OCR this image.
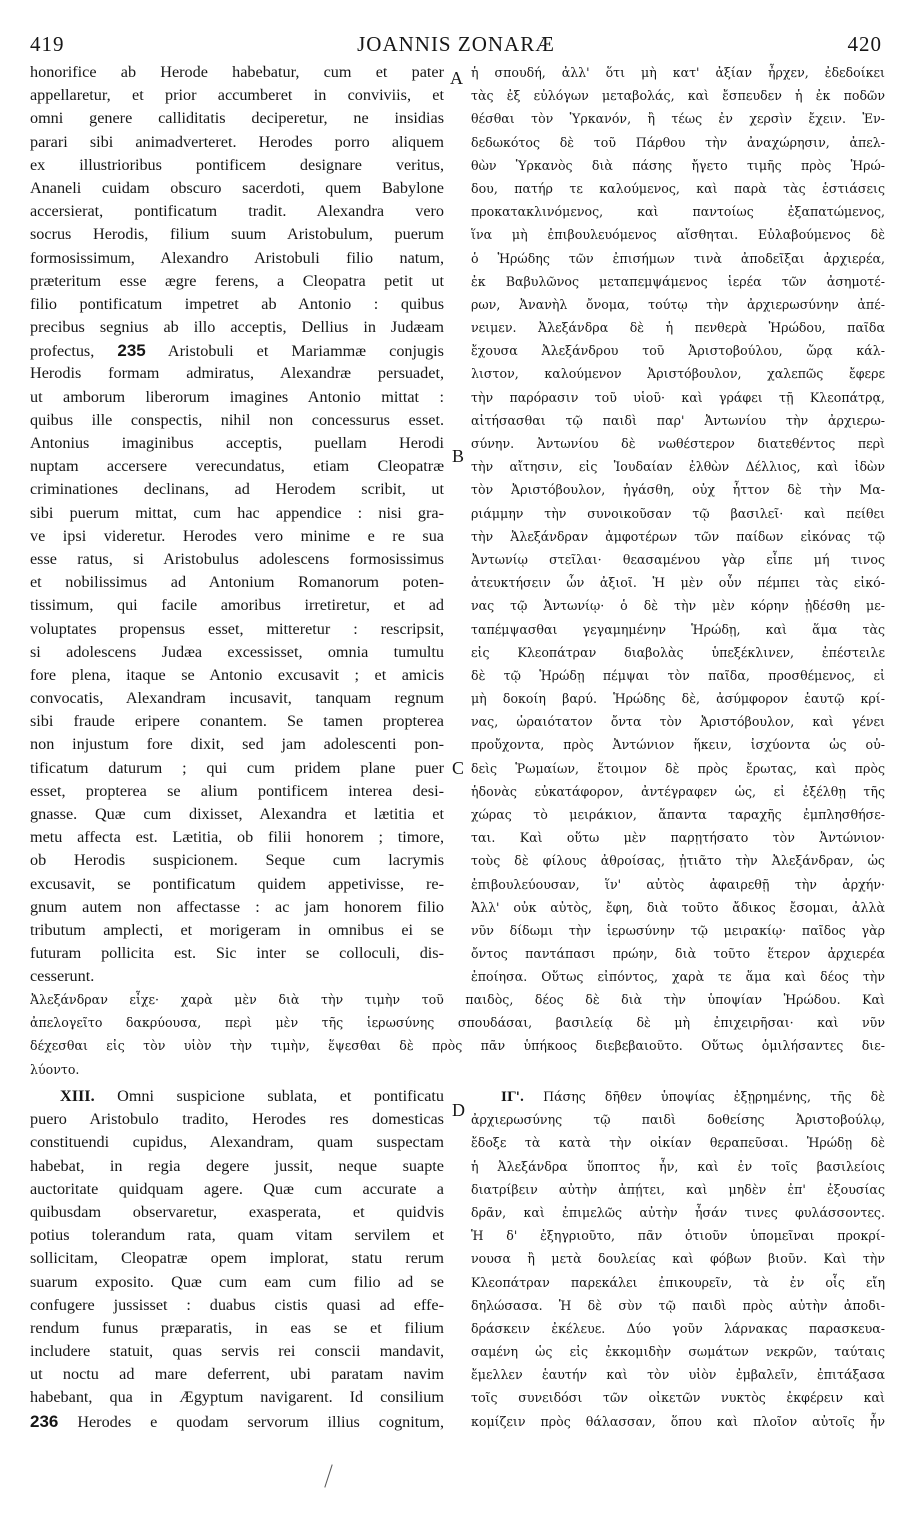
419	JOANNIS ZONARÆ	420
honorifice ab Herode habebatur, cum et pater
appellaretur, et prior accumberet in conviviis, et
omni genere calliditatis deciperetur, ne insidias
parari sibi animadverteret. Herodes porro aliquem
ex illustrioribus pontificem designare veritus,
Ananeli cuidam obscuro sacerdoti, quem Babylone
accersierat, pontificatum tradit. Alexandra vero
socrus Herodis, filium suum Aristobulum, puerum
formosissimum, Alexandro Aristobuli filio natum,
præteritum esse ægre ferens, a Cleopatra petit ut
filio pontificatum impetret ab Antonio : quibus
precibus segnius ab illo acceptis, Dellius in Judæam
profectus, 235 Aristobuli et Mariammæ conjugis
Herodis formam admiratus, Alexandræ persuadet,
ut amborum liberorum imagines Antonio mittat :
quibus ille conspectis, nihil non concessurus esset.
Antonius imaginibus acceptis, puellam Herodi
nuptam accersere verecundatus, etiam Cleopatræ
criminationes declinans, ad Herodem scribit, ut
sibi puerum mittat, cum hac appendice : nisi gra-
ve ipsi videretur. Herodes vero minime e re sua
esse ratus, si Aristobulus adolescens formosissimus
et nobilissimus ad Antonium Romanorum poten-
tissimum, qui facile amoribus irretiretur, et ad
voluptates propensus esset, mitteretur : rescripsit,
si adolescens Judæa excessisset, omnia tumultu
fore plena, itaque se Antonio excusavit ; et amicis
convocatis, Alexandram incusavit, tanquam regnum
sibi fraude eripere conantem. Se tamen propterea
non injustum fore dixit, sed jam adolescenti pon-
tificatum daturum ; qui cum pridem plane puer
esset, propterea se alium pontificem interea desi-
gnasse. Quæ cum dixisset, Alexandra et lætitia et
metu affecta est. Lætitia, ob filii honorem ; timore,
ob Herodis suspicionem. Seque cum lacrymis
excusavit, se pontificatum quidem appetivisse, re-
gnum autem non affectasse : ac jam honorem filio
tributum amplecti, et morigeram in omnibus ei se
futuram pollicita est. Sic inter se colloculi, dis-
cesserunt.
ἡ σπουδή, ἀλλ' ὅτι μὴ κατ' ἀξίαν ἦρχεν, ἐδεδοίκει
τὰς ἐξ εὐλόγων μεταβολάς, καὶ ἔσπευδεν ἡ ἐκ ποδῶν
θέσθαι τὸν Ὑρκανόν, ἢ τέως ἐν χερσὶν ἔχειν. Ἐν-
δεδωκότος δὲ τοῦ Πάρθου τὴν ἀναχώρησιν, ἀπελ-
θὼν Ὑρκανὸς διὰ πάσης ἤγετο τιμῆς πρὸς Ἡρώ-
δου, πατήρ τε καλούμενος, καὶ παρὰ τὰς ἑστιάσεις
προκατακλινόμενος, καὶ παντοίως ἐξαπατώμενος,
ἵνα μὴ ἐπιβουλευόμενος αἴσθηται. Εὐλαβούμενος δὲ
ὁ Ἡρώδης τῶν ἐπισήμων τινὰ ἀποδεῖξαι ἀρχιερέα,
ἐκ Βαβυλῶνος μεταπεμψάμενος ἱερέα τῶν ἀσημοτέ-
ρων, Ἀνανὴλ ὄνομα, τούτῳ τὴν ἀρχιερωσύνην ἀπέ-
νειμεν. Ἀλεξάνδρα δὲ ἡ πενθερὰ Ἡρώδου, παῖδα
ἔχουσα Ἀλεξάνδρου τοῦ Ἀριστοβούλου, ὥρᾳ κάλ-
λιστον, καλούμενον Ἀριστόβουλον, χαλεπῶς ἔφερε
τὴν παρόρασιν τοῦ υἱοῦ· καὶ γράφει τῇ Κλεοπάτρᾳ,
αἰτήσασθαι τῷ παιδὶ παρ' Ἀντωνίου τὴν ἀρχιερω-
σύνην. Ἀντωνίου δὲ νωθέστερον διατεθέντος περὶ
τὴν αἴτησιν, εἰς Ἰουδαίαν ἐλθὼν Δέλλιος, καὶ ἰδὼν
τὸν Ἀριστόβουλον, ἠγάσθη, οὐχ ἧττον δὲ τὴν Μα-
ριάμμην τὴν συνοικοῦσαν τῷ βασιλεῖ· καὶ πείθει
τὴν Ἀλεξάνδραν ἀμφοτέρων τῶν παίδων εἰκόνας τῷ
Ἀντωνίῳ στεῖλαι· θεασαμένου γὰρ εἶπε μή τινος
ἀτευκτήσειν ὧν ἀξιοῖ. Ἡ μὲν οὖν πέμπει τὰς εἰκό-
νας τῷ Ἀντωνίῳ· ὁ δὲ τὴν μὲν κόρην ᾐδέσθη με-
ταπέμψασθαι γεγαμημένην Ἡρώδῃ, καὶ ἅμα τὰς
εἰς Κλεοπάτραν διαβολὰς ὑπεξέκλινεν, ἐπέστειλε
δὲ τῷ Ἡρώδῃ πέμψαι τὸν παῖδα, προσθέμενος, εἰ
μὴ δοκοίη βαρύ. Ἡρώδης δὲ, ἀσύμφορον ἑαυτῷ κρί-
νας, ὡραιότατον ὄντα τὸν Ἀριστόβουλον, καὶ γένει
προὔχοντα, πρὸς Ἀντώνιον ἥκειν, ἰσχύοντα ὡς οὐ-
δεὶς Ῥωμαίων, ἕτοιμον δὲ πρὸς ἔρωτας, καὶ πρὸς
ἡδονὰς εὐκατάφορον, ἀντέγραφεν ὡς, εἰ ἐξέλθῃ τῆς
χώρας τὸ μειράκιον, ἅπαντα ταραχῆς ἐμπλησθήσε-
ται. Καὶ οὕτω μὲν παρῃτήσατο τὸν Ἀντώνιον·
τοὺς δὲ φίλους ἀθροίσας, ᾐτιᾶτο τὴν Ἀλεξάνδραν, ὡς
ἐπιβουλεύουσαν, ἵν' αὐτὸς ἀφαιρεθῇ τὴν ἀρχήν·
Ἀλλ' οὐκ αὐτὸς, ἔφη, διὰ τοῦτο ἄδικος ἔσομαι, ἀλλὰ
νῦν δίδωμι τὴν ἱερωσύνην τῷ μειρακίῳ· παῖδος γὰρ
ὄντος παντάπασι πρώην, διὰ τοῦτο ἕτερον ἀρχιερέα
ἐποίησα. Οὕτως εἰπόντος, χαρὰ τε ἅμα καὶ δέος τὴν
Ἀλεξάνδραν εἶχε· χαρὰ μὲν διὰ τὴν τιμὴν τοῦ παιδὸς, δέος δὲ διὰ τὴν ὑποψίαν Ἡρώδου. Καὶ
ἀπελογεῖτο δακρύουσα, περὶ μὲν τῆς ἱερωσύνης σπουδάσαι, βασιλείᾳ δὲ μὴ ἐπιχειρῆσαι· καὶ νῦν
δέχεσθαι εἰς τὸν υἱὸν τὴν τιμὴν, ἕψεσθαι δὲ πρὸς πᾶν ὑπήκοος διεβεβαιοῦτο. Οὕτως ὁμιλήσαντες διε-
λύοντο.
XIII. Omni suspicione sublata, et pontificatu
puero Aristobulo tradito, Herodes res domesticas
constituendi cupidus, Alexandram, quam suspectam
habebat, in regia degere jussit, neque suapte
auctoritate quidquam agere. Quæ cum accurate a
quibusdam observaretur, exasperata, et quidvis
potius tolerandum rata, quam vitam servilem et
sollicitam, Cleopatræ opem implorat, statu rerum
suarum exposito. Quæ cum eam cum filio ad se
confugere jussisset : duabus cistis quasi ad effe-
rendum funus præparatis, in eas se et filium
includere statuit, quas servis rei conscii mandavit,
ut noctu ad mare deferrent, ubi paratam navim
habebant, qua in Ægyptum navigarent. Id consilium
236 Herodes e quodam servorum illius cognitum,
ΙΓ'. Πάσης δῆθεν ὑποψίας ἐξῃρημένης, τῆς δὲ
ἀρχιερωσύνης τῷ παιδὶ δοθείσης Ἀριστοβούλῳ,
ἔδοξε τὰ κατὰ τὴν οἰκίαν θεραπεῦσαι. Ἡρώδῃ δὲ
ἡ Ἀλεξάνδρα ὕποπτος ἦν, καὶ ἐν τοῖς βασιλείοις
διατρίβειν αὐτὴν ἀπῄτει, καὶ μηδὲν ἐπ' ἐξουσίας
δρᾶν, καὶ ἐπιμελῶς αὐτὴν ἦσάν τινες φυλάσσοντες.
Ἡ δ' ἐξηγριοῦτο, πᾶν ὁτιοῦν ὑπομεῖναι προκρί-
νουσα ἢ μετὰ δουλείας καὶ φόβων βιοῦν. Καὶ τὴν
Κλεοπάτραν παρεκάλει ἐπικουρεῖν, τὰ ἐν οἷς εἴη
δηλώσασα. Ἡ δὲ σὺν τῷ παιδὶ πρὸς αὐτὴν ἀποδι-
δράσκειν ἐκέλευε. Δύο γοῦν λάρνακας παρασκευα-
σαμένη ὡς εἰς ἐκκομιδὴν σωμάτων νεκρῶν, ταύταις
ἔμελλεν ἑαυτήν καὶ τὸν υἱὸν ἐμβαλεῖν, ἐπιτάξασα
τοῖς συνειδόσι τῶν οἰκετῶν νυκτὸς ἐκφέρειν καὶ
κομίζειν πρὸς θάλασσαν, ὅπου καὶ πλοῖον αὐτοῖς ἦν
A
B
C
D
